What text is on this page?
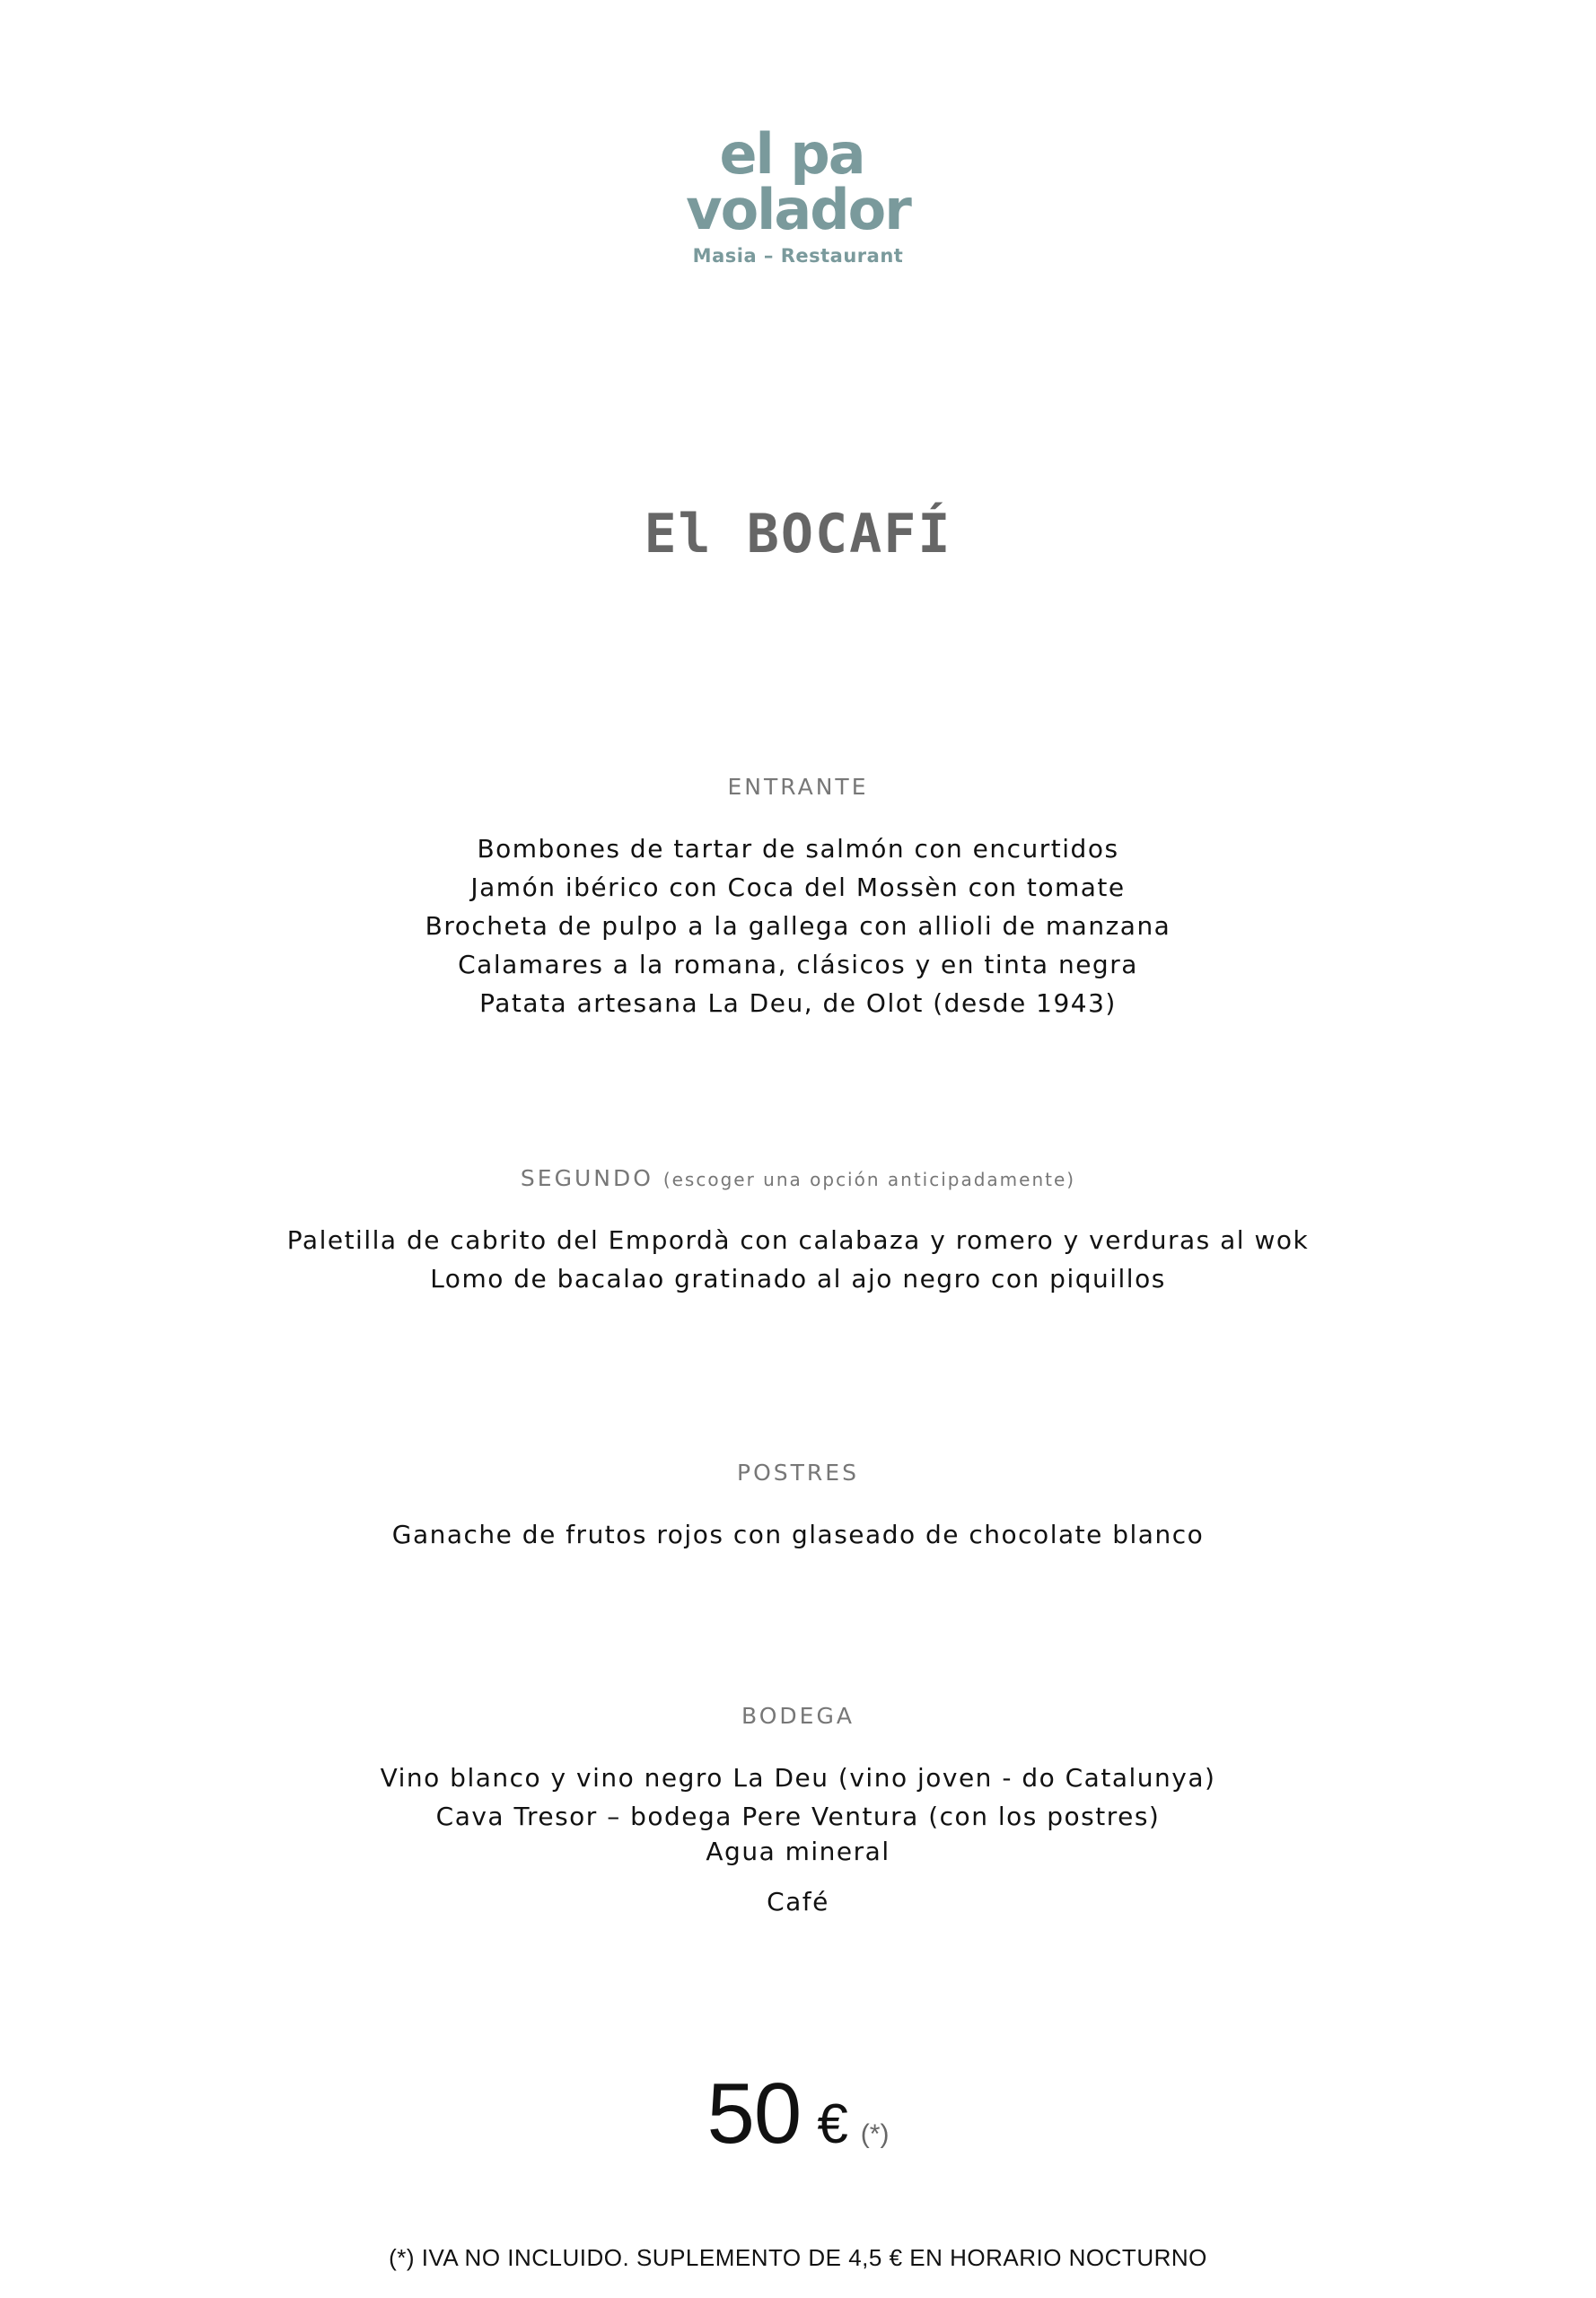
el pa
volador
Masia – Restaurant
El BOCAFÍ
ENTRANTE
Bombones de tartar de salmón con encurtidos
Jamón ibérico con Coca del Mossèn con tomate
Brocheta de pulpo a la gallega con allioli de manzana
Calamares a la romana, clásicos y en tinta negra
Patata artesana La Deu, de Olot (desde 1943)
SEGUNDO (escoger una opción anticipadamente)
Paletilla de cabrito del Empordà con calabaza y romero y verduras al wok
Lomo de bacalao gratinado al ajo negro con piquillos
POSTRES
Ganache de frutos rojos con glaseado de chocolate blanco
BODEGA
Vino blanco y vino negro La Deu (vino joven - do Catalunya)
Cava Tresor – bodega Pere Ventura (con los postres)
Agua mineral
Café
50 € (*)
(*) IVA NO INCLUIDO. SUPLEMENTO DE 4,5 € EN HORARIO NOCTURNO
